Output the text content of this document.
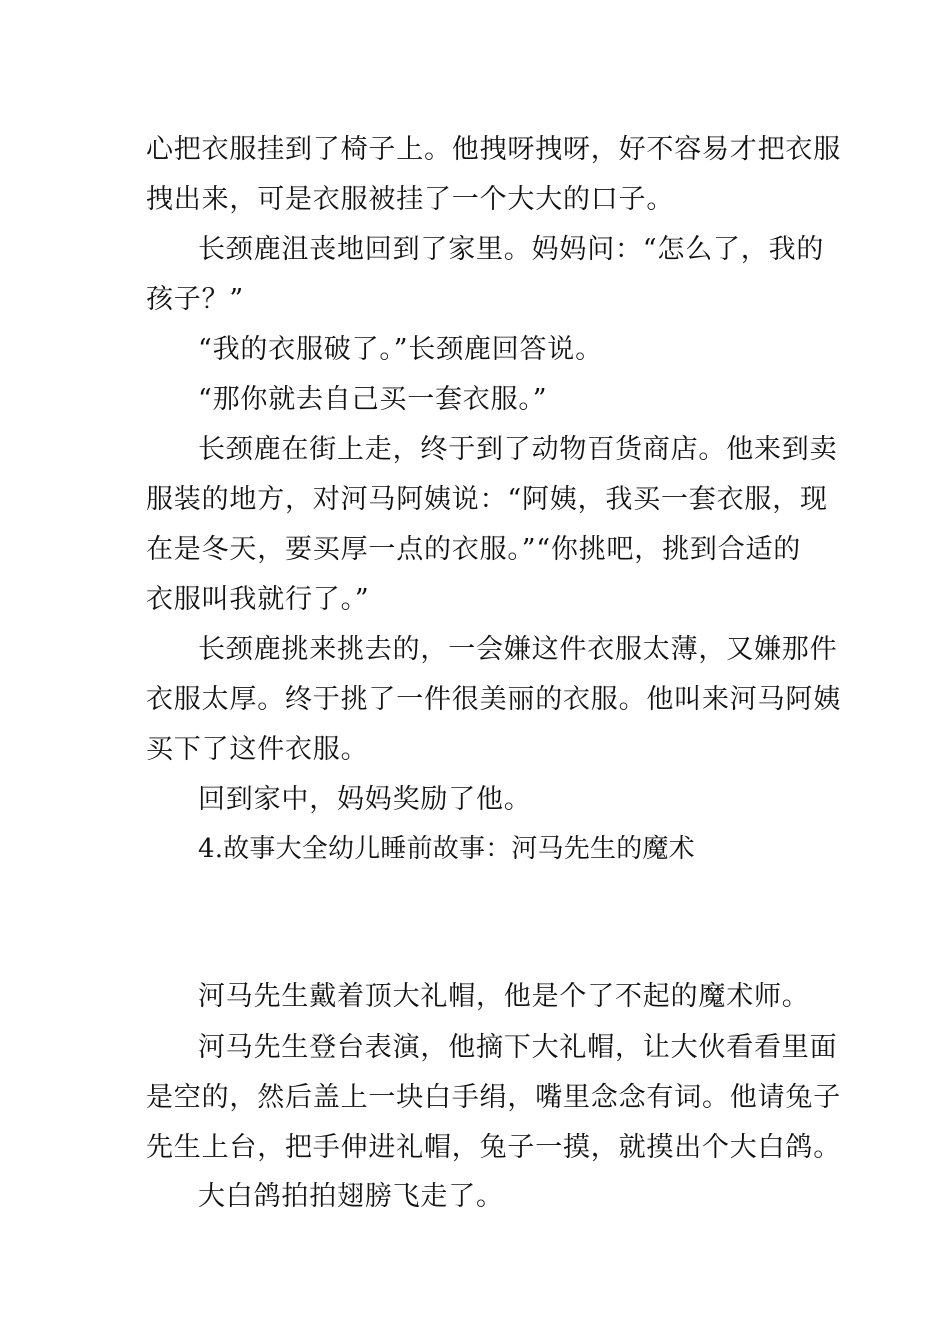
心把衣服挂到了椅子上。他拽呀拽呀，好不容易才把衣服
拽出来，可是衣服被挂了一个大大的口子。
长颈鹿沮丧地回到了家里。妈妈问：“怎么了，我的
孩子？”
“我的衣服破了。”长颈鹿回答说。
“那你就去自己买一套衣服。”
长颈鹿在街上走，终于到了动物百货商店。他来到卖
服装的地方，对河马阿姨说：“阿姨，我买一套衣服，现
在是冬天，要买厚一点的衣服。”“你挑吧，挑到合适的
衣服叫我就行了。”
长颈鹿挑来挑去的，一会嫌这件衣服太薄，又嫌那件
衣服太厚。终于挑了一件很美丽的衣服。他叫来河马阿姨
买下了这件衣服。
回到家中，妈妈奖励了他。
4.故事大全幼儿睡前故事：河马先生的魔术
河马先生戴着顶大礼帽，他是个了不起的魔术师。
河马先生登台表演，他摘下大礼帽，让大伙看看里面
是空的，然后盖上一块白手绢，嘴里念念有词。他请兔子
先生上台，把手伸进礼帽，兔子一摸，就摸出个大白鸽。
大白鸽拍拍翅膀飞走了。
